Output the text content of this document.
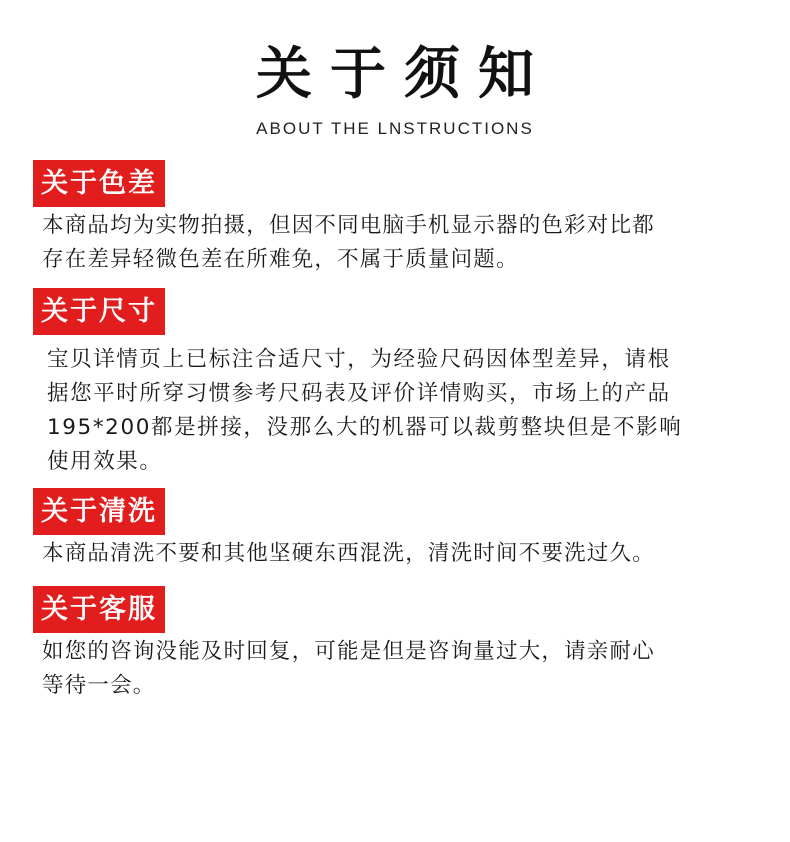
关于须知
ABOUT THE LNSTRUCTIONS
关于色差
本商品均为实物拍摄，但因不同电脑手机显示器的色彩对比都
存在差异轻微色差在所难免，不属于质量问题。
关于尺寸
宝贝详情页上已标注合适尺寸，为经验尺码因体型差异，请根
据您平时所穿习惯参考尺码表及评价详情购买，市场上的产品
195*200都是拼接，没那么大的机器可以裁剪整块但是不影响
使用效果。
关于清洗
本商品清洗不要和其他坚硬东西混洗，清洗时间不要洗过久。
关于客服
如您的咨询没能及时回复，可能是但是咨询量过大，请亲耐心
等待一会。
